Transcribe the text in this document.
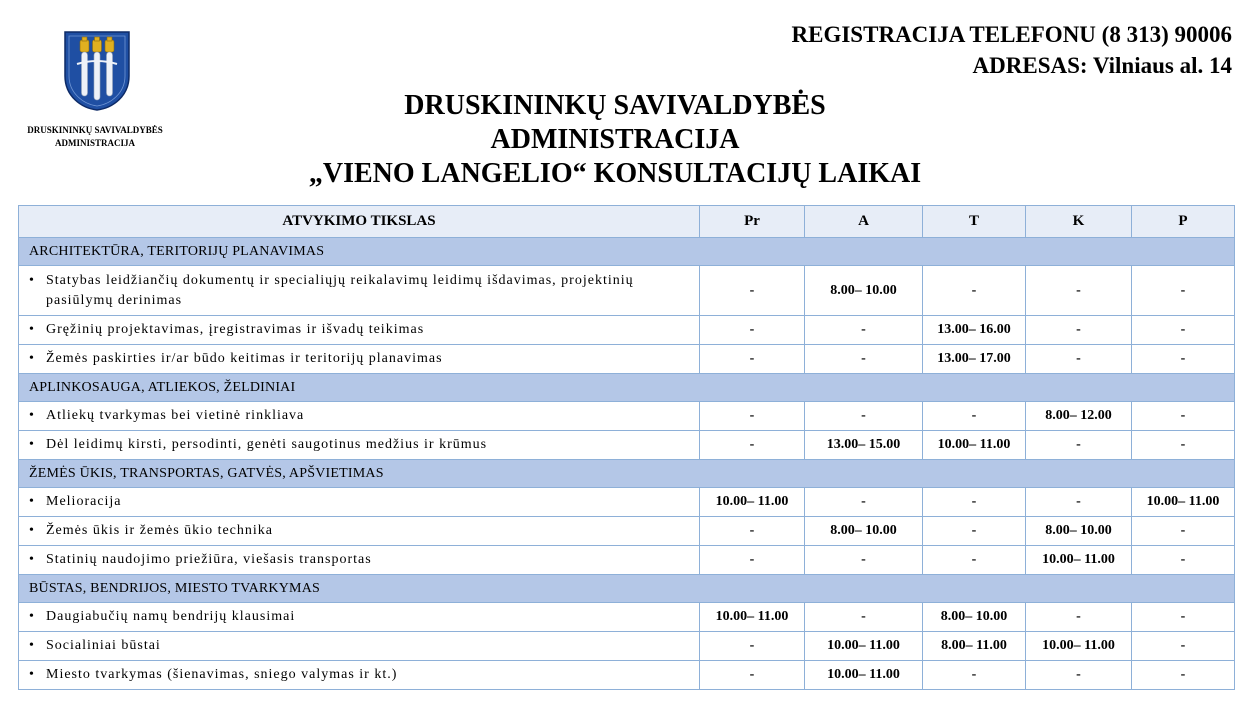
DRUSKININKŲ SAVIVALDYBĖS ADMINISTRACIJA
REGISTRACIJA TELEFONU (8 313) 90006
ADRESAS: Vilniaus al. 14
DRUSKININKŲ SAVIVALDYBĖS
ADMINISTRACIJA
„VIENO LANGELIO“ KONSULTACIJŲ LAIKAI
ATVYKIMO TIKSLAS	Pr	A	T	K	P
ARCHITEKTŪRA, TERITORIJŲ PLANAVIMAS					
• Statybas leidžiančių dokumentų ir specialiųjų reikalavimų leidimų išdavimas, projektinių pasiūlymų derinimas	-	8.00– 10.00	-	-	-
• Gręžinių projektavimas, įregistravimas ir išvadų teikimas	-	-	13.00– 16.00	-	-
• Žemės paskirties ir/ar būdo keitimas ir teritorijų planavimas	-	-	13.00– 17.00	-	-
APLINKOSAUGA, ATLIEKOS, ŽELDINIAI					
• Atliekų tvarkymas bei vietinė rinkliava	-	-	-	8.00– 12.00	-
• Dėl leidimų kirsti, persodinti, genėti saugotinus medžius ir krūmus	-	13.00– 15.00	10.00– 11.00	-	-
ŽEMĖS ŪKIS, TRANSPORTAS, GATVĖS, APŠVIETIMAS					
• Melioracija	10.00– 11.00	-	-	-	10.00– 11.00
• Žemės ūkis ir žemės ūkio technika	-	8.00– 10.00	-	8.00– 10.00	-
• Statinių naudojimo priežiūra, viešasis transportas	-	-	-	10.00– 11.00	-
BŪSTAS, BENDRIJOS, MIESTO TVARKYMAS					
• Daugiabučių namų bendrijų klausimai	10.00– 11.00	-	8.00– 10.00	-	-
• Socialiniai būstai	-	10.00– 11.00	8.00– 11.00	10.00– 11.00	-
• Miesto tvarkymas (šienavimas, sniego valymas ir kt.)	-	10.00– 11.00	-	-	-
